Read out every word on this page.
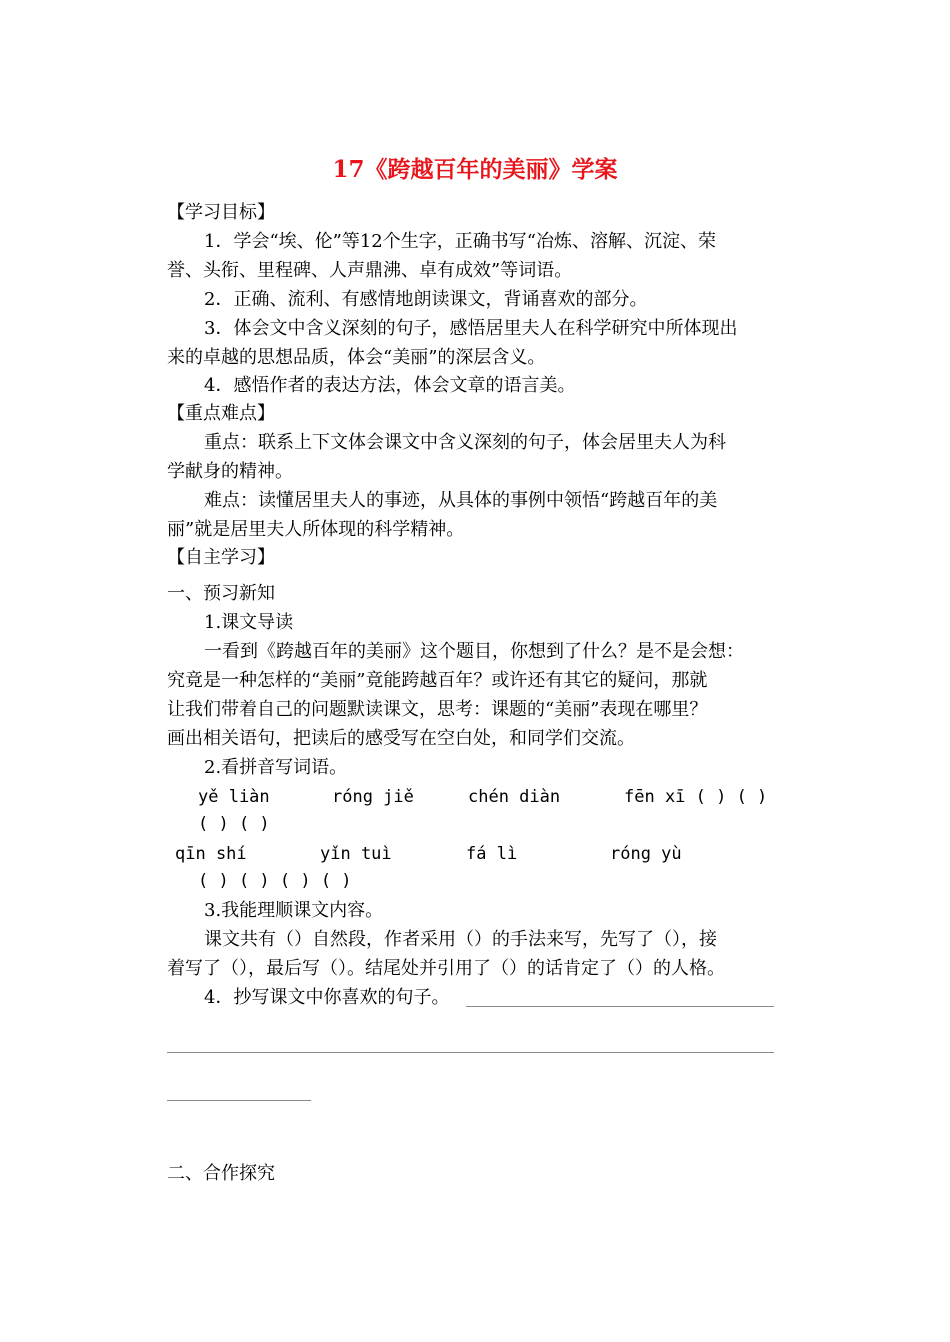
17《跨越百年的美丽》学案
【学习目标】
1．学会“埃、伦”等12个生字，正确书写“冶炼、溶解、沉淀、荣
誉、头衔、里程碑、人声鼎沸、卓有成效”等词语。
2．正确、流利、有感情地朗读课文，背诵喜欢的部分。
3．体会文中含义深刻的句子，感悟居里夫人在科学研究中所体现出
来的卓越的思想品质，体会“美丽”的深层含义。
4．感悟作者的表达方法，体会文章的语言美。
【重点难点】
重点：联系上下文体会课文中含义深刻的句子，体会居里夫人为科
学献身的精神。
难点：读懂居里夫人的事迹，从具体的事例中领悟“跨越百年的美
丽”就是居里夫人所体现的科学精神。
【自主学习】
一、预习新知
1.课文导读
一看到《跨越百年的美丽》这个题目，你想到了什么？是不是会想：
究竟是一种怎样的“美丽”竟能跨越百年？或许还有其它的疑问，那就
让我们带着自己的问题默读课文，思考：课题的“美丽”表现在哪里？
画出相关语句，把读后的感受写在空白处，和同学们交流。
2.看拼音写词语。
yě liàn	róng jiě	chén diàn	fēn xī ( ) ( )
( ) ( )
qīn shí	yǐn tuì	fá lì	róng yù
( ) ( ) ( ) ( )
3.我能理顺课文内容。
课文共有（）自然段，作者采用（）的手法来写，先写了（），接
着写了（），最后写（）。结尾处并引用了（）的话肯定了（）的人格。
4．抄写课文中你喜欢的句子。
二、合作探究
